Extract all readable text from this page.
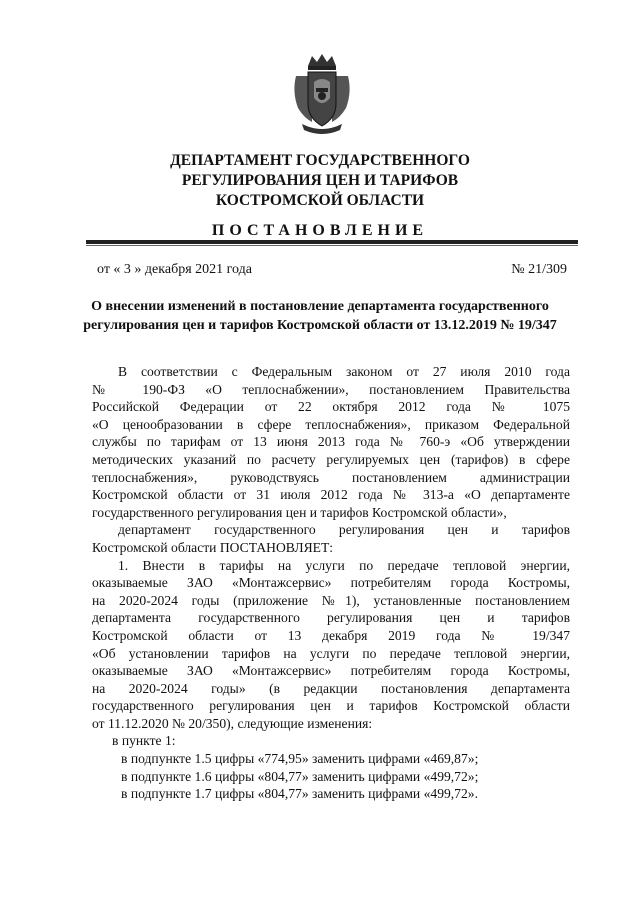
ДЕПАРТАМЕНТ ГОСУДАРСТВЕННОГО
РЕГУЛИРОВАНИЯ ЦЕН И ТАРИФОВ
КОСТРОМСКОЙ ОБЛАСТИ
ПОСТАНОВЛЕНИЕ
от « 3 » декабря 2021 года	№ 21/309
О внесении изменений в постановление департамента государственного
регулирования цен и тарифов Костромской области от 13.12.2019 № 19/347
В соответствии с Федеральным законом от 27 июля 2010 года
№ 190-ФЗ «О теплоснабжении», постановлением Правительства
Российской Федерации от 22 октября 2012 года № 1075
«О ценообразовании в сфере теплоснабжения», приказом Федеральной
службы по тарифам от 13 июня 2013 года № 760-э «Об утверждении
методических указаний по расчету регулируемых цен (тарифов) в сфере
теплоснабжения», руководствуясь постановлением администрации
Костромской области от 31 июля 2012 года № 313-а «О департаменте
государственного регулирования цен и тарифов Костромской области»,
департамент государственного регулирования цен и тарифов
Костромской области ПОСТАНОВЛЯЕТ:
1. Внести в тарифы на услуги по передаче тепловой энергии,
оказываемые ЗАО «Монтажсервис» потребителям города Костромы,
на 2020-2024 годы (приложение №1), установленные постановлением
департамента государственного регулирования цен и тарифов
Костромской области от 13 декабря 2019 года № 19/347
«Об установлении тарифов на услуги по передаче тепловой энергии,
оказываемые ЗАО «Монтажсервис» потребителям города Костромы,
на 2020-2024 годы» (в редакции постановления департамента
государственного регулирования цен и тарифов Костромской области
от 11.12.2020 № 20/350), следующие изменения:
в пункте 1:
в подпункте 1.5 цифры «774,95» заменить цифрами «469,87»;
в подпункте 1.6 цифры «804,77» заменить цифрами «499,72»;
в подпункте 1.7 цифры «804,77» заменить цифрами «499,72».
